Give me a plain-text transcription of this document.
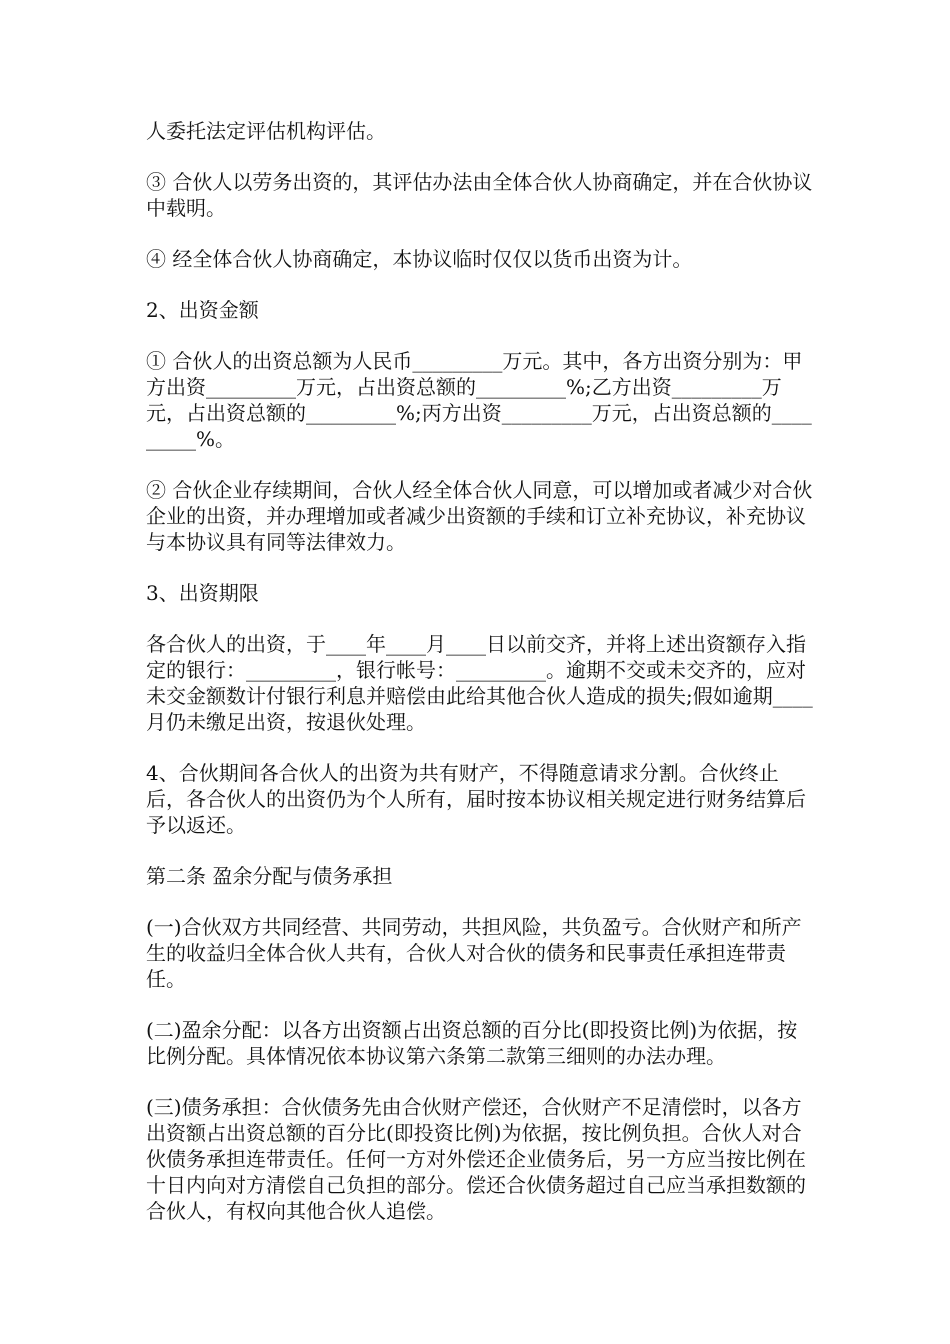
人委托法定评估机构评估。

③ 合伙人以劳务出资的，其评估办法由全体合伙人协商确定，并在合伙协议中载明。

④ 经全体合伙人协商确定，本协议临时仅仅以货币出资为计。

2、出资金额

① 合伙人的出资总额为人民币_________万元。其中，各方出资分别为：甲方出资_________万元，占出资总额的_________%;乙方出资_________万元，占出资总额的_________%;丙方出资_________万元，占出资总额的_________%。

② 合伙企业存续期间，合伙人经全体合伙人同意，可以增加或者减少对合伙企业的出资，并办理增加或者减少出资额的手续和订立补充协议，补充协议与本协议具有同等法律效力。

3、出资期限

各合伙人的出资，于____年____月____日以前交齐，并将上述出资额存入指定的银行：_________，银行帐号：_________。逾期不交或未交齐的，应对未交金额数计付银行利息并赔偿由此给其他合伙人造成的损失;假如逾期____月仍未缴足出资，按退伙处理。

4、合伙期间各合伙人的出资为共有财产，不得随意请求分割。合伙终止后，各合伙人的出资仍为个人所有，届时按本协议相关规定进行财务结算后予以返还。

第二条 盈余分配与债务承担

(一)合伙双方共同经营、共同劳动，共担风险，共负盈亏。合伙财产和所产生的收益归全体合伙人共有，合伙人对合伙的债务和民事责任承担连带责任。

(二)盈余分配：以各方出资额占出资总额的百分比(即投资比例)为依据，按比例分配。具体情况依本协议第六条第二款第三细则的办法办理。

(三)债务承担：合伙债务先由合伙财产偿还，合伙财产不足清偿时，以各方出资额占出资总额的百分比(即投资比例)为依据，按比例负担。合伙人对合伙债务承担连带责任。任何一方对外偿还企业债务后，另一方应当按比例在十日内向对方清偿自己负担的部分。偿还合伙债务超过自己应当承担数额的合伙人，有权向其他合伙人追偿。
